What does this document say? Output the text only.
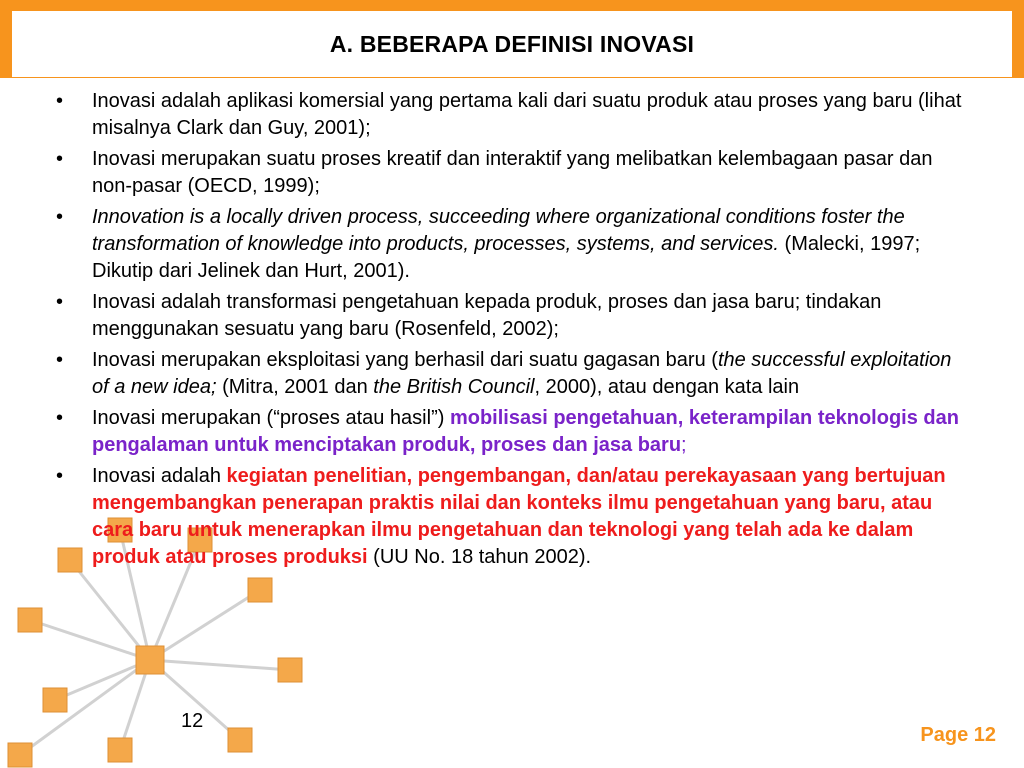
A. BEBERAPA DEFINISI INOVASI
• Inovasi adalah aplikasi komersial yang pertama kali dari suatu produk atau proses yang baru (lihat misalnya Clark dan Guy, 2001);
• Inovasi merupakan suatu proses kreatif dan interaktif yang melibatkan kelembagaan pasar dan non-pasar (OECD, 1999);
• Innovation is a locally driven process, succeeding where organizational conditions foster the transformation of knowledge into products, processes, systems, and services. (Malecki, 1997; Dikutip dari Jelinek dan Hurt, 2001).
• Inovasi adalah transformasi pengetahuan kepada produk, proses dan jasa baru; tindakan menggunakan sesuatu yang baru (Rosenfeld, 2002);
• Inovasi merupakan eksploitasi yang berhasil dari suatu gagasan baru (the successful exploitation of a new idea; (Mitra, 2001 dan the British Council, 2000), atau dengan kata lain
• Inovasi merupakan (“proses atau hasil”) mobilisasi pengetahuan, keterampilan teknologis dan pengalaman untuk menciptakan produk, proses dan jasa baru;
• Inovasi adalah kegiatan penelitian, pengembangan, dan/atau perekayasaan yang bertujuan mengembangkan penerapan praktis nilai dan konteks ilmu pengetahuan yang baru, atau cara baru untuk menerapkan ilmu pengetahuan dan teknologi yang telah ada ke dalam produk atau proses produksi (UU No. 18 tahun 2002).
12
Page 12
